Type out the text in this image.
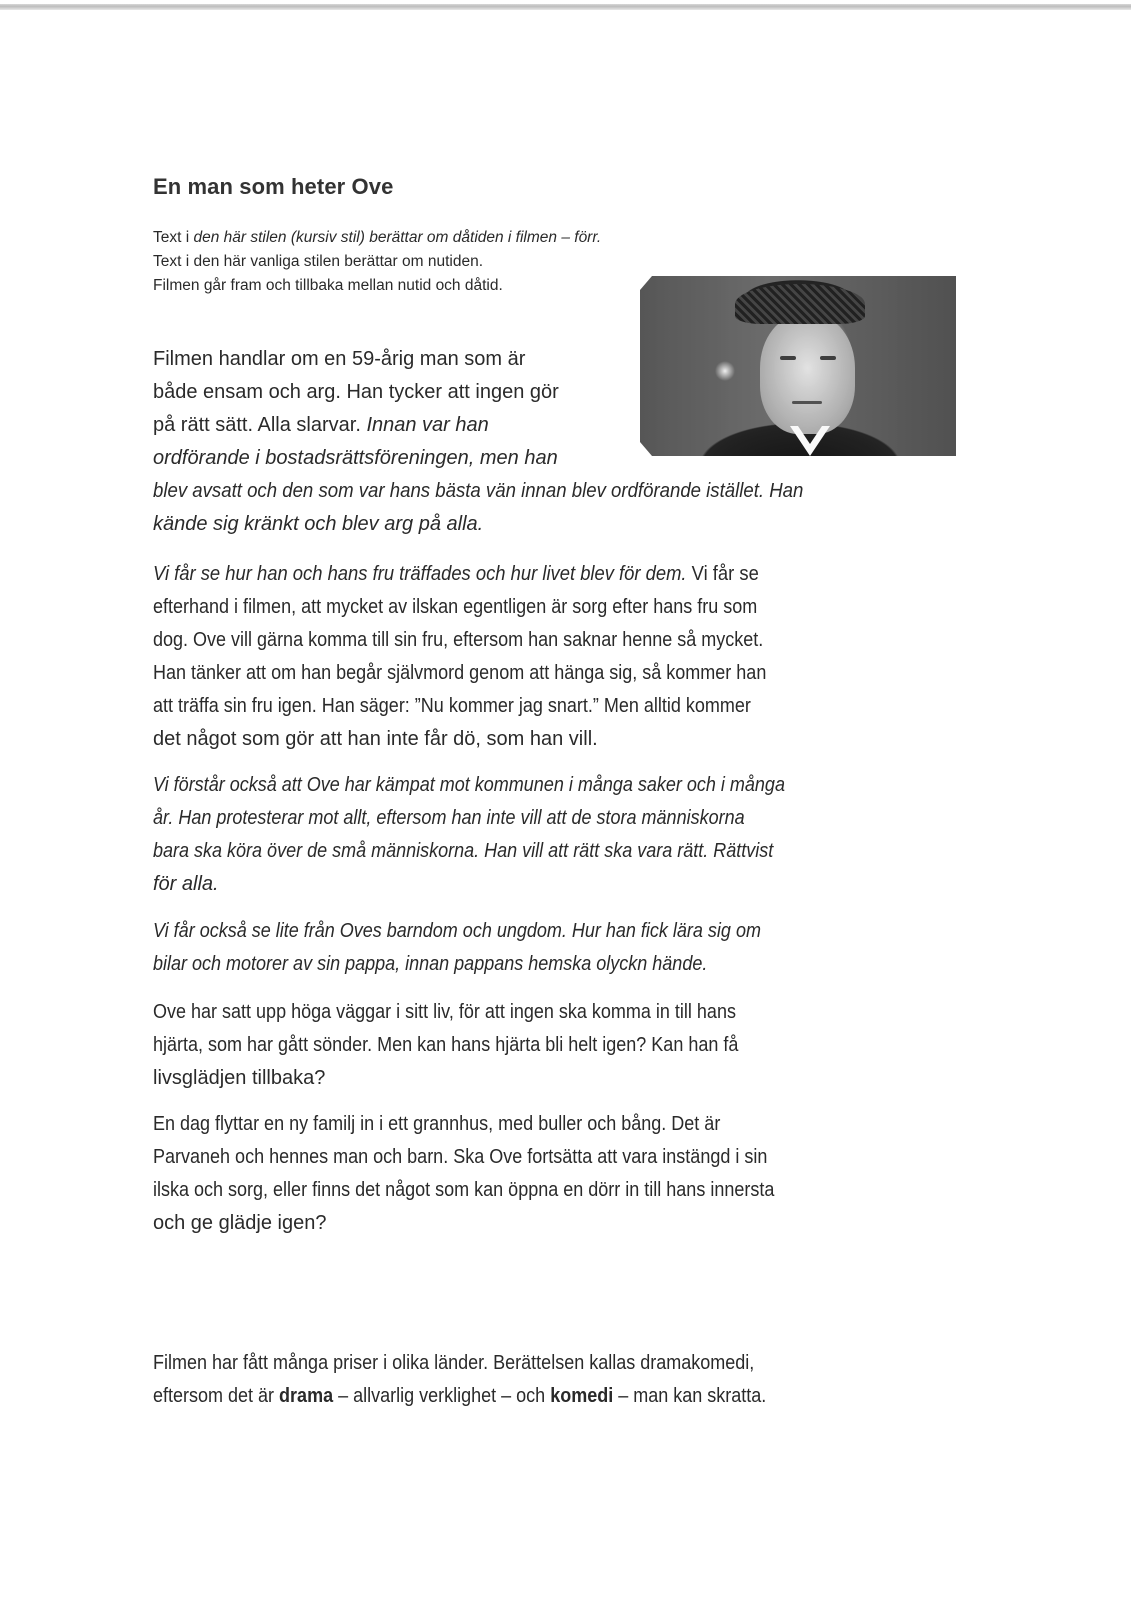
En man som heter Ove
Text i den här stilen (kursiv stil) berättar om dåtiden i filmen – förr.
Text i den här vanliga stilen berättar om nutiden.
Filmen går fram och tillbaka mellan nutid och dåtid.
Filmen handlar om en 59-årig man som är
både ensam och arg. Han tycker att ingen gör
på rätt sätt. Alla slarvar. Innan var han
ordförande i bostadsrättsföreningen, men han
blev avsatt och den som var hans bästa vän innan blev ordförande istället. Han
kände sig kränkt och blev arg på alla.
Vi får se hur han och hans fru träffades och hur livet blev för dem. Vi får se
efterhand i filmen, att mycket av ilskan egentligen är sorg efter hans fru som
dog. Ove vill gärna komma till sin fru, eftersom han saknar henne så mycket.
Han tänker att om han begår självmord genom att hänga sig, så kommer han
att träffa sin fru igen. Han säger: ”Nu kommer jag snart.” Men alltid kommer
det något som gör att han inte får dö, som han vill.
Vi förstår också att Ove har kämpat mot kommunen i många saker och i många
år. Han protesterar mot allt, eftersom han inte vill att de stora människorna
bara ska köra över de små människorna. Han vill att rätt ska vara rätt. Rättvist
för alla.
Vi får också se lite från Oves barndom och ungdom. Hur han fick lära sig om
bilar och motorer av sin pappa, innan pappans hemska olyckn hände.
Ove har satt upp höga väggar i sitt liv, för att ingen ska komma in till hans
hjärta, som har gått sönder. Men kan hans hjärta bli helt igen? Kan han få
livsglädjen tillbaka?
En dag flyttar en ny familj in i ett grannhus, med buller och bång. Det är
Parvaneh och hennes man och barn. Ska Ove fortsätta att vara instängd i sin
ilska och sorg, eller finns det något som kan öppna en dörr in till hans innersta
och ge glädje igen?
Filmen har fått många priser i olika länder. Berättelsen kallas dramakomedi,
eftersom det är drama – allvarlig verklighet – och komedi – man kan skratta.
